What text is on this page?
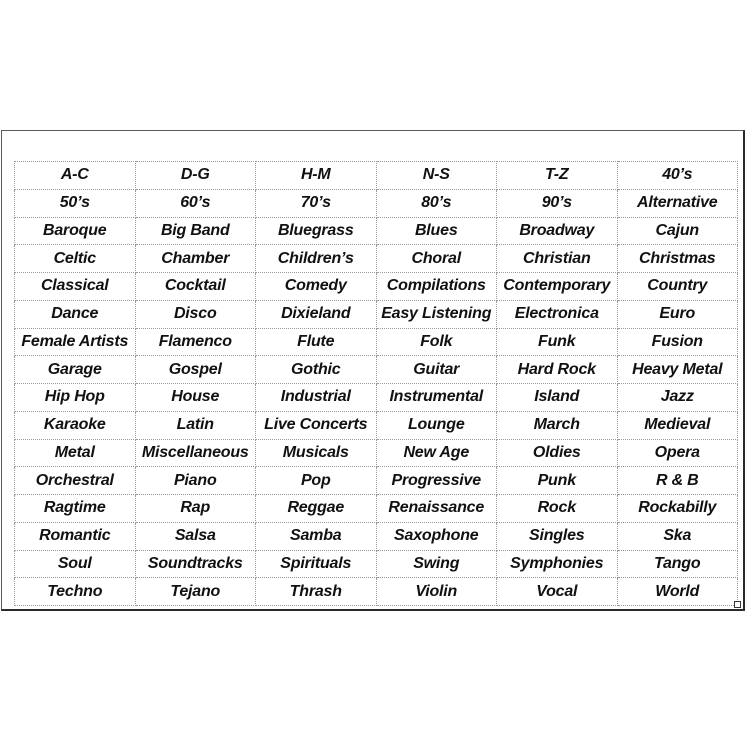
A-C	D-G	H-M	N-S	T-Z	40’s
50’s	60’s	70’s	80’s	90’s	Alternative
Baroque	Big Band	Bluegrass	Blues	Broadway	Cajun
Celtic	Chamber	Children’s	Choral	Christian	Christmas
Classical	Cocktail	Comedy	Compilations	Contemporary	Country
Dance	Disco	Dixieland	Easy Listening	Electronica	Euro
Female Artists	Flamenco	Flute	Folk	Funk	Fusion
Garage	Gospel	Gothic	Guitar	Hard Rock	Heavy Metal
Hip Hop	House	Industrial	Instrumental	Island	Jazz
Karaoke	Latin	Live Concerts	Lounge	March	Medieval
Metal	Miscellaneous	Musicals	New Age	Oldies	Opera
Orchestral	Piano	Pop	Progressive	Punk	R & B
Ragtime	Rap	Reggae	Renaissance	Rock	Rockabilly
Romantic	Salsa	Samba	Saxophone	Singles	Ska
Soul	Soundtracks	Spirituals	Swing	Symphonies	Tango
Techno	Tejano	Thrash	Violin	Vocal	World
